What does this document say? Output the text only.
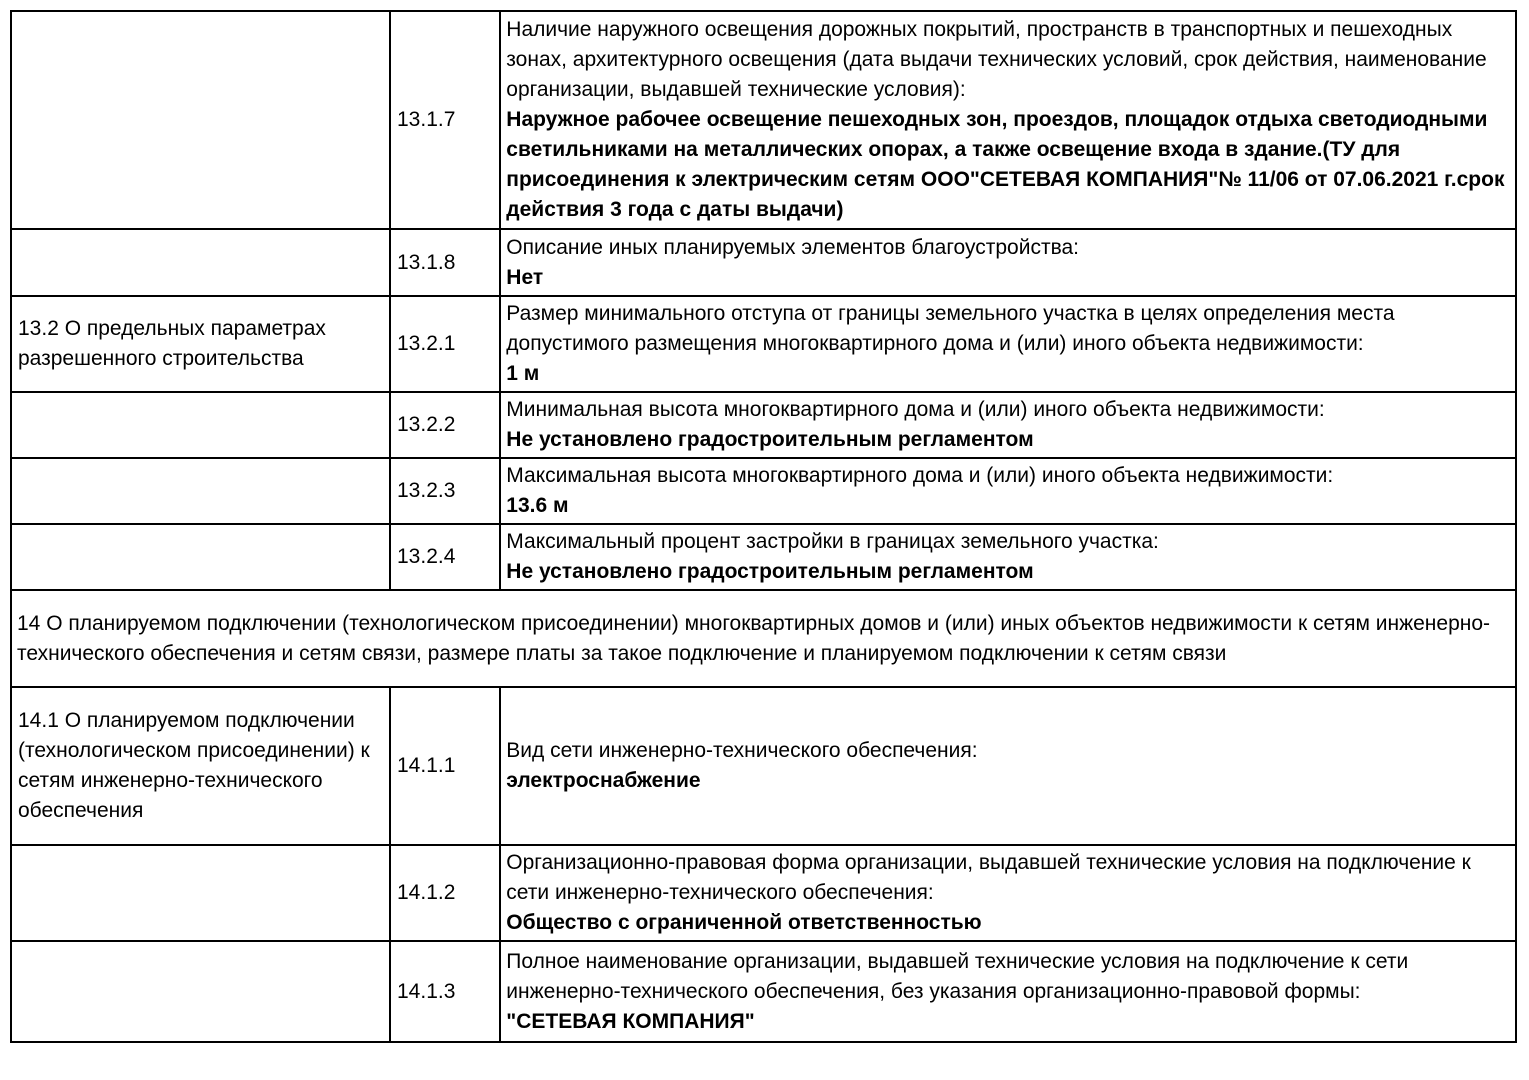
	13.1.7	Наличие наружного освещения дорожных покрытий, пространств в транспортных и пешеходных зонах, архитектурного освещения (дата выдачи технических условий, срок действия, наименование организации, выдавшей технические условия):
Наружное рабочее освещение пешеходных зон, проездов, площадок отдыха светодиодными светильниками на металлических опорах, а также освещение входа в здание.(ТУ для присоединения к электрическим сетям ООО"СЕТЕВАЯ КОМПАНИЯ"№ 11/06 от 07.06.2021 г.срок действия 3 года с даты выдачи)

	13.1.8	Описание иных планируемых элементов благоустройства:
Нет

13.2 О предельных параметрах разрешенного строительства	13.2.1	Размер минимального отступа от границы земельного участка в целях определения места допустимого размещения многоквартирного дома и (или) иного объекта недвижимости:
1 м

	13.2.2	Минимальная высота многоквартирного дома и (или) иного объекта недвижимости:
Не установлено градостроительным регламентом

	13.2.3	Максимальная высота многоквартирного дома и (или) иного объекта недвижимости:
13.6 м

	13.2.4	Максимальный процент застройки в границах земельного участка:
Не установлено градостроительным регламентом

14 О планируемом подключении (технологическом присоединении) многоквартирных домов и (или) иных объектов недвижимости к сетям инженерно-технического обеспечения и сетям связи, размере платы за такое подключение и планируемом подключении к сетям связи		
14.1 О планируемом подключении (технологическом присоединении) к сетям инженерно-технического обеспечения	14.1.1	Вид сети инженерно-технического обеспечения:
электроснабжение

	14.1.2	Организационно-правовая форма организации, выдавшей технические условия на подключение к сети инженерно-технического обеспечения:
Общество с ограниченной ответственностью

	14.1.3	Полное наименование организации, выдавшей технические условия на подключение к сети инженерно-технического обеспечения, без указания организационно-правовой формы:
"СЕТЕВАЯ КОМПАНИЯ"
